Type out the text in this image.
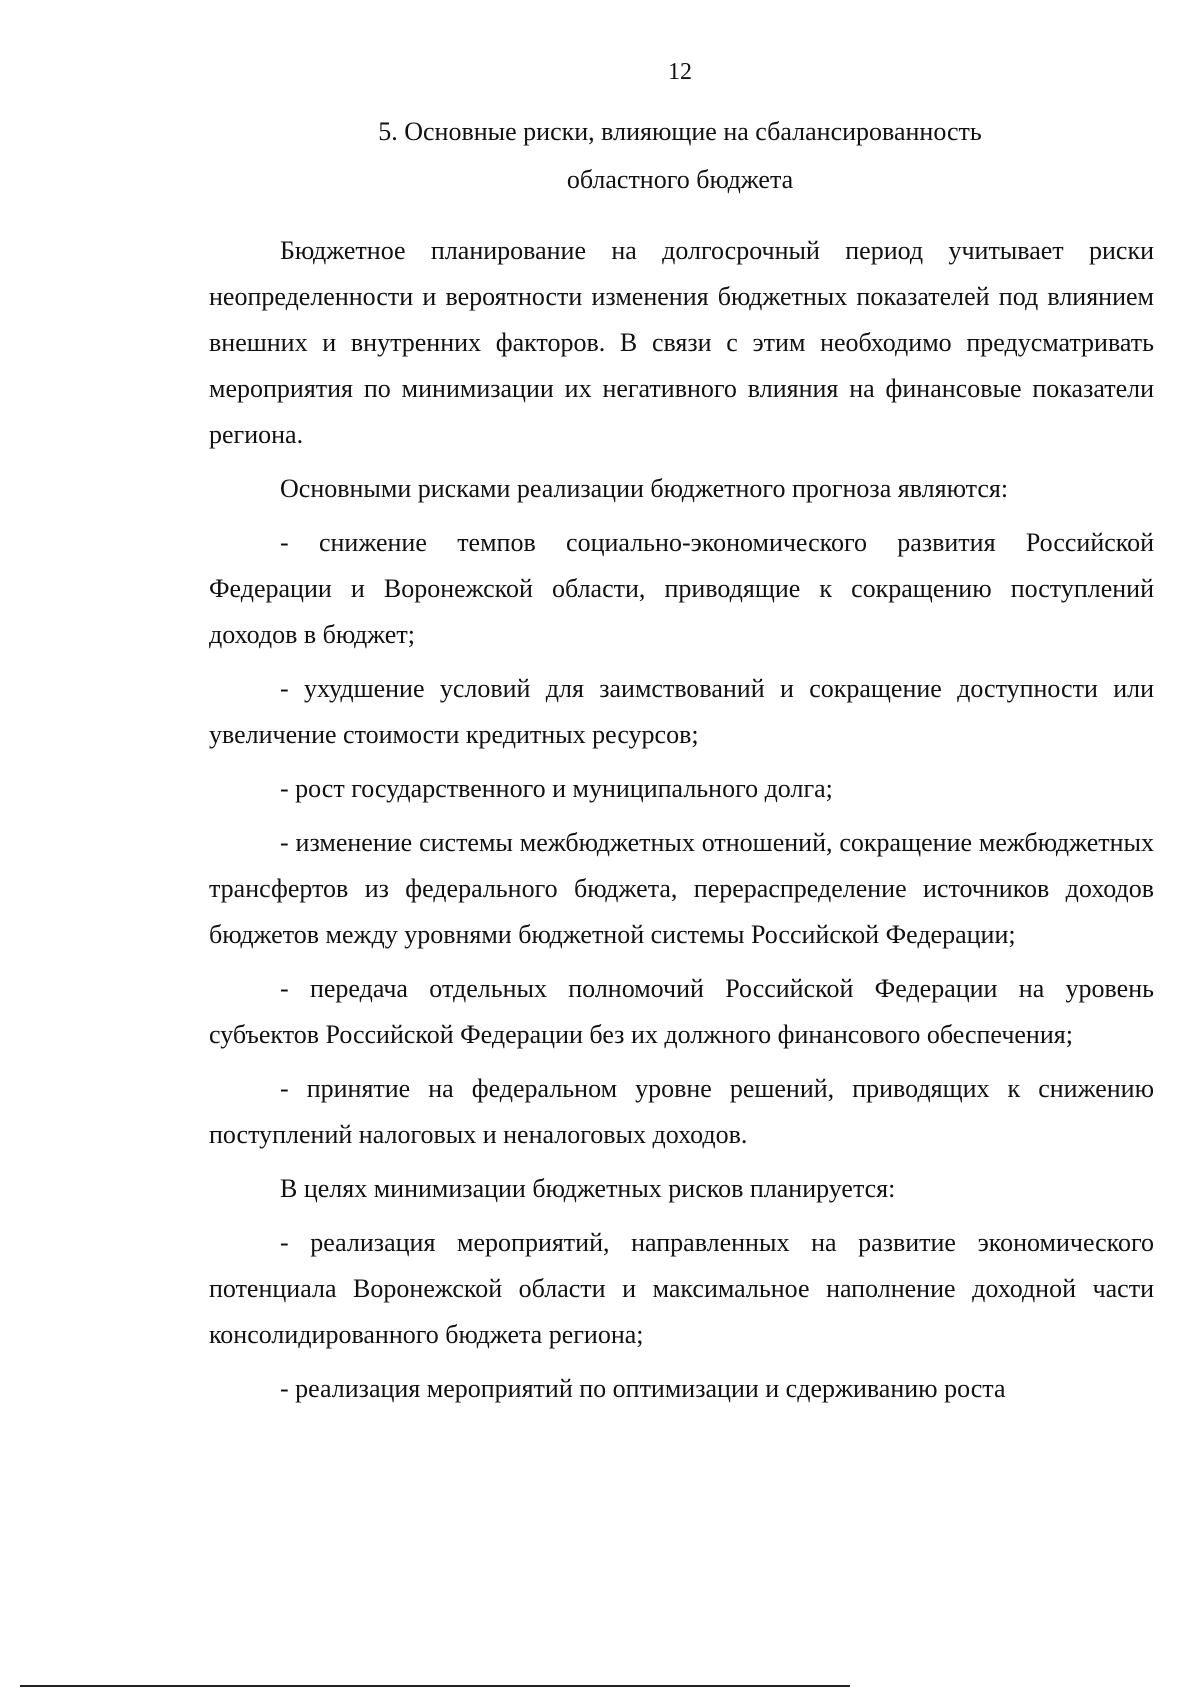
12
5. Основные риски, влияющие на сбалансированность
областного бюджета

Бюджетное планирование на долгосрочный период учитывает риски неопределенности и вероятности изменения бюджетных показателей под влиянием внешних и внутренних факторов. В связи с этим необходимо предусматривать мероприятия по минимизации их негативного влияния на финансовые показатели региона.

Основными рисками реализации бюджетного прогноза являются:

- снижение темпов социально-экономического развития Российской Федерации и Воронежской области, приводящие к сокращению поступлений доходов в бюджет;

- ухудшение условий для заимствований и сокращение доступности или увеличение стоимости кредитных ресурсов;

- рост государственного и муниципального долга;

- изменение системы межбюджетных отношений, сокращение межбюджетных трансфертов из федерального бюджета, перераспределение источников доходов бюджетов между уровнями бюджетной системы Российской Федерации;

- передача отдельных полномочий Российской Федерации на уровень субъектов Российской Федерации без их должного финансового обеспечения;

- принятие на федеральном уровне решений, приводящих к снижению поступлений налоговых и неналоговых доходов.

В целях минимизации бюджетных рисков планируется:

- реализация мероприятий, направленных на развитие экономического потенциала Воронежской области и максимальное наполнение доходной части консолидированного бюджета региона;

- реализация мероприятий по оптимизации и сдерживанию роста
